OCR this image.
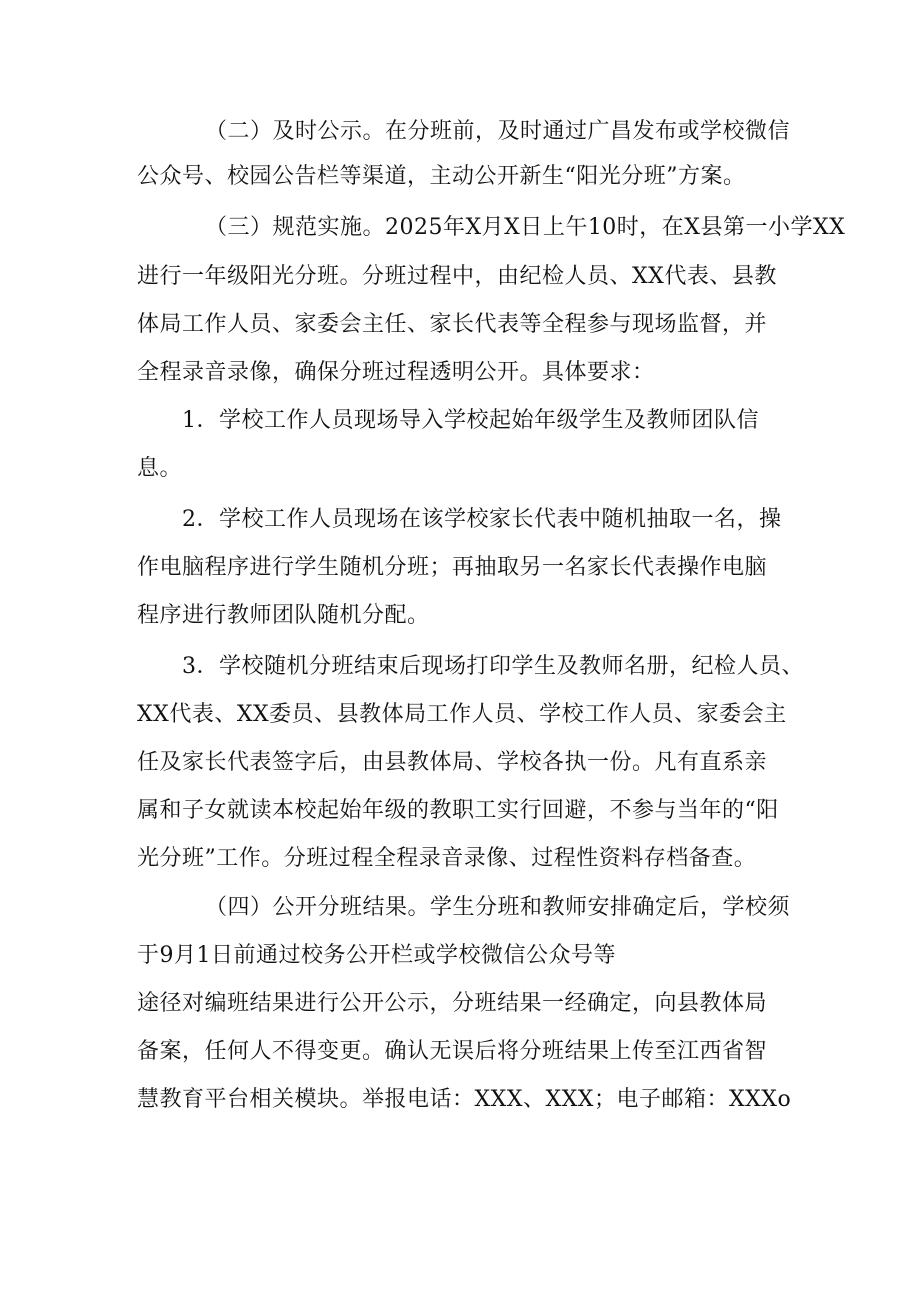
（二）及时公示。在分班前，及时通过广昌发布或学校微信
公众号、校园公告栏等渠道，主动公开新生“阳光分班”方案。
（三）规范实施。2025年X月X日上午10时，在X县第一小学XX
进行一年级阳光分班。分班过程中，由纪检人员、XX代表、县教
体局工作人员、家委会主任、家长代表等全程参与现场监督，并
全程录音录像，确保分班过程透明公开。具体要求：
1．学校工作人员现场导入学校起始年级学生及教师团队信
息。
2．学校工作人员现场在该学校家长代表中随机抽取一名，操
作电脑程序进行学生随机分班；再抽取另一名家长代表操作电脑
程序进行教师团队随机分配。
3．学校随机分班结束后现场打印学生及教师名册，纪检人员、
XX代表、XX委员、县教体局工作人员、学校工作人员、家委会主
任及家长代表签字后，由县教体局、学校各执一份。凡有直系亲
属和子女就读本校起始年级的教职工实行回避，不参与当年的“阳
光分班”工作。分班过程全程录音录像、过程性资料存档备查。
（四）公开分班结果。学生分班和教师安排确定后，学校须
于9月1日前通过校务公开栏或学校微信公众号等
途径对编班结果进行公开公示，分班结果一经确定，向县教体局
备案，任何人不得变更。确认无误后将分班结果上传至江西省智
慧教育平台相关模块。举报电话：XXX、XXX；电子邮箱：XXXo
